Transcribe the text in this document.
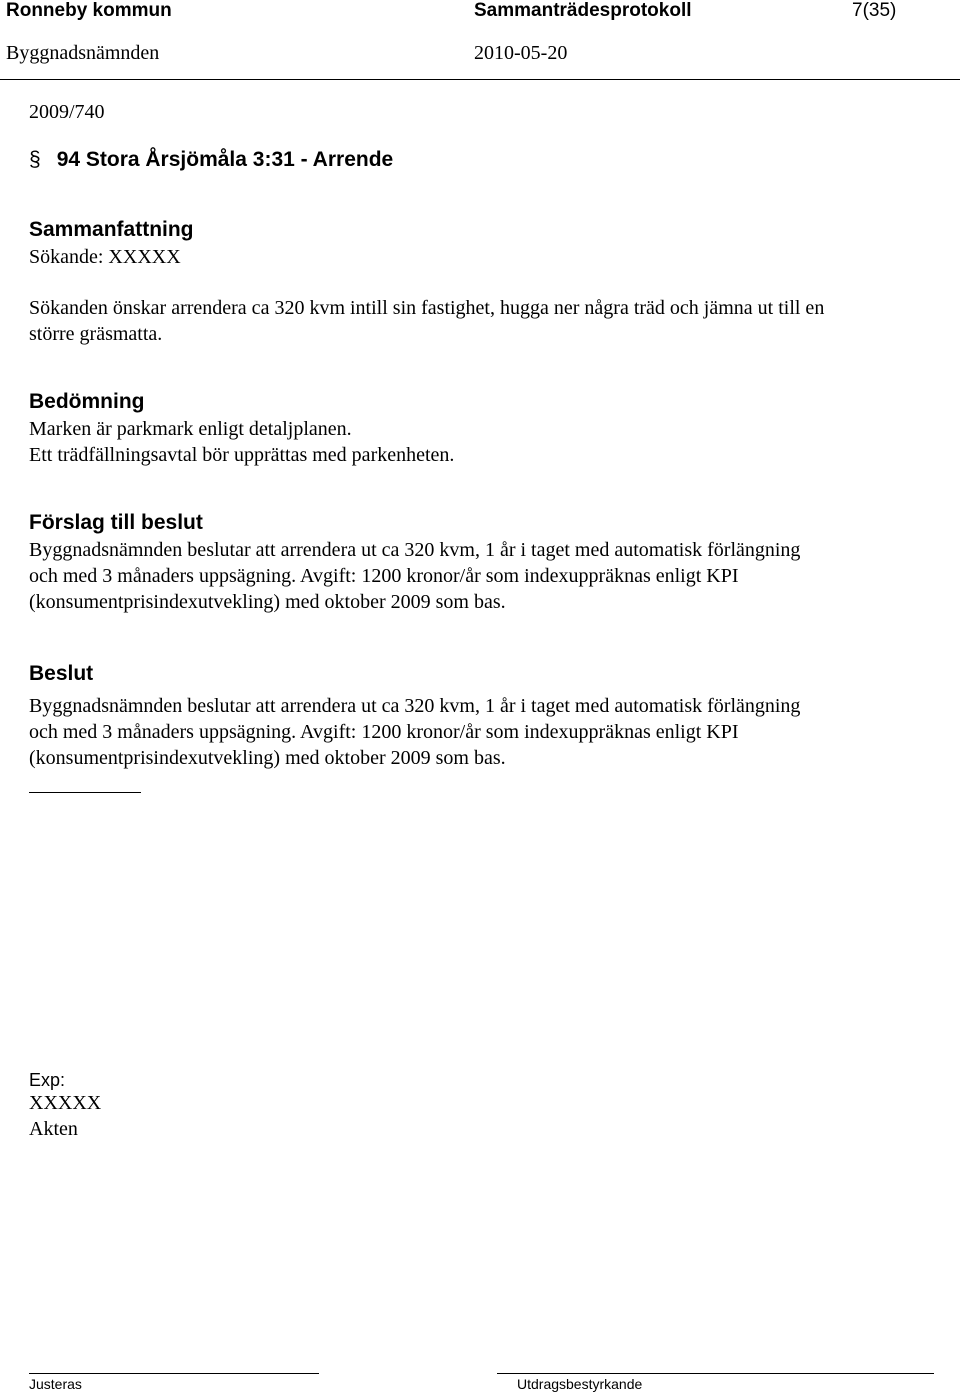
Ronneby kommun	Sammanträdesprotokoll	7(35)
Byggnadsnämnden	2010-05-20
2009/740
§ 94 Stora Årsjömåla 3:31 - Arrende
Sammanfattning
Sökande: XXXXX

Sökanden önskar arrendera ca 320 kvm intill sin fastighet, hugga ner några träd och jämna ut till en

större gräsmatta.

Bedömning

Marken är parkmark enligt detaljplanen.

Ett trädfällningsavtal bör upprättas med parkenheten.

Förslag till beslut

Byggnadsnämnden beslutar att arrendera ut ca 320 kvm, 1 år i taget med automatisk förlängning

och med 3 månaders uppsägning. Avgift: 1200 kronor/år som indexuppräknas enligt KPI

(konsumentprisindexutvekling) med oktober 2009 som bas.

Beslut

Byggnadsnämnden beslutar att arrendera ut ca 320 kvm, 1 år i taget med automatisk förlängning

och med 3 månaders uppsägning. Avgift: 1200 kronor/år som indexuppräknas enligt KPI

(konsumentprisindexutvekling) med oktober 2009 som bas.

Exp:

XXXXX

Akten

Justeras	Utdragsbestyrkande
